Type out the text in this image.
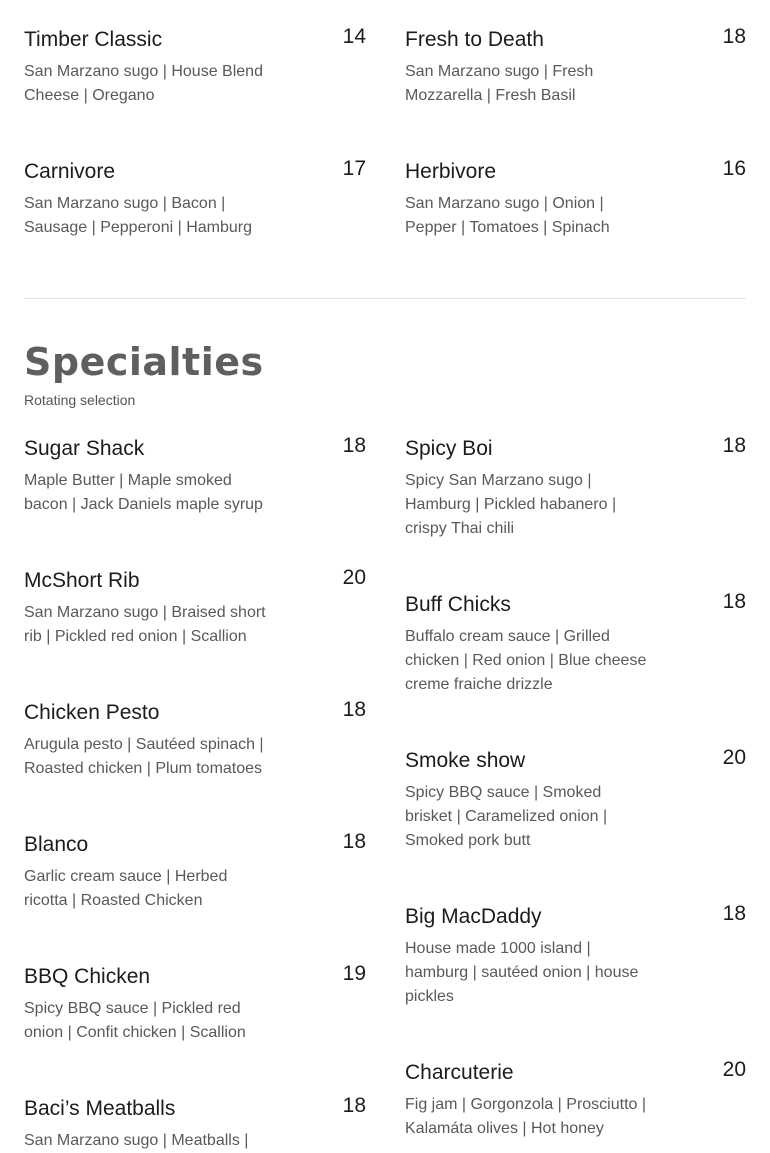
Timber Classic	14
San Marzano sugo | House Blend Cheese | Oregano
Fresh to Death	18
San Marzano sugo | Fresh Mozzarella | Fresh Basil
Carnivore	17
San Marzano sugo | Bacon | Sausage | Pepperoni | Hamburg
Herbivore	16
San Marzano sugo | Onion | Pepper | Tomatoes | Spinach
Specialties
Rotating selection
Sugar Shack	18
Maple Butter | Maple smoked bacon | Jack Daniels maple syrup
McShort Rib	20
San Marzano sugo | Braised short rib | Pickled red onion | Scallion
Chicken Pesto	18
Arugula pesto | Sautéed spinach | Roasted chicken | Plum tomatoes
Blanco	18
Garlic cream sauce | Herbed ricotta | Roasted Chicken
BBQ Chicken	19
Spicy BBQ sauce | Pickled red onion | Confit chicken | Scallion
Baci’s Meatballs	18
San Marzano sugo | Meatballs |
Spicy Boi	18
Spicy San Marzano sugo | Hamburg | Pickled habanero | crispy Thai chili
Buff Chicks	18
Buffalo cream sauce | Grilled chicken | Red onion | Blue cheese creme fraiche drizzle
Smoke show	20
Spicy BBQ sauce | Smoked brisket | Caramelized onion | Smoked pork butt
Big MacDaddy	18
House made 1000 island | hamburg | sautéed onion | house pickles
Charcuterie	20
Fig jam | Gorgonzola | Prosciutto | Kalamáta olives | Hot honey
